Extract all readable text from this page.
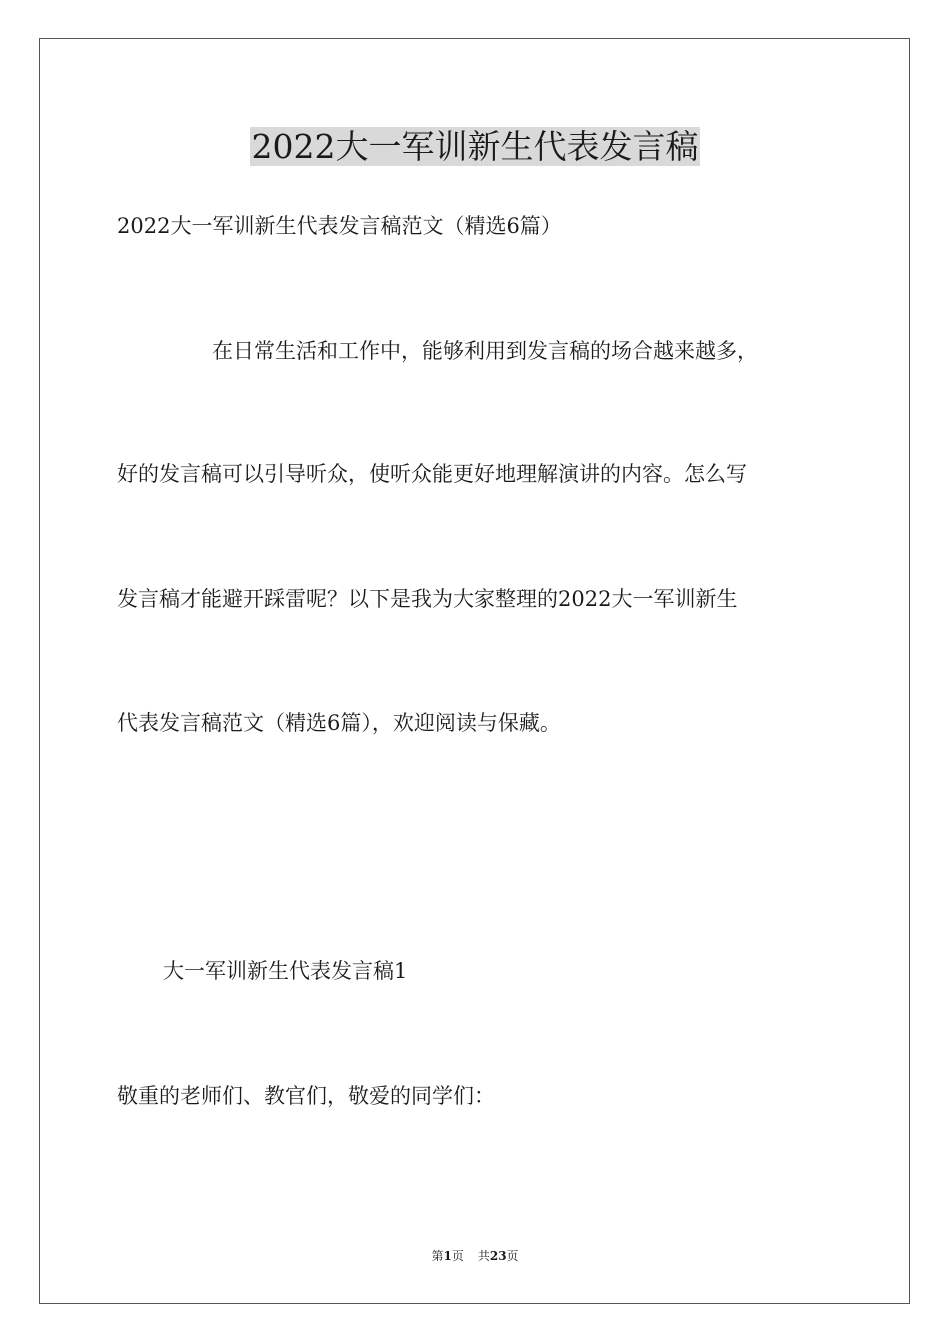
2022大一军训新生代表发言稿

2022大一军训新生代表发言稿范文（精选6篇）

在日常生活和工作中，能够利用到发言稿的场合越来越多，

好的发言稿可以引导听众，使听众能更好地理解演讲的内容。怎么写

发言稿才能避开踩雷呢？以下是我为大家整理的2022大一军训新生

代表发言稿范文（精选6篇），欢迎阅读与保藏。

大一军训新生代表发言稿1

敬重的老师们、教官们，敬爱的同学们：

第1页 共23页
